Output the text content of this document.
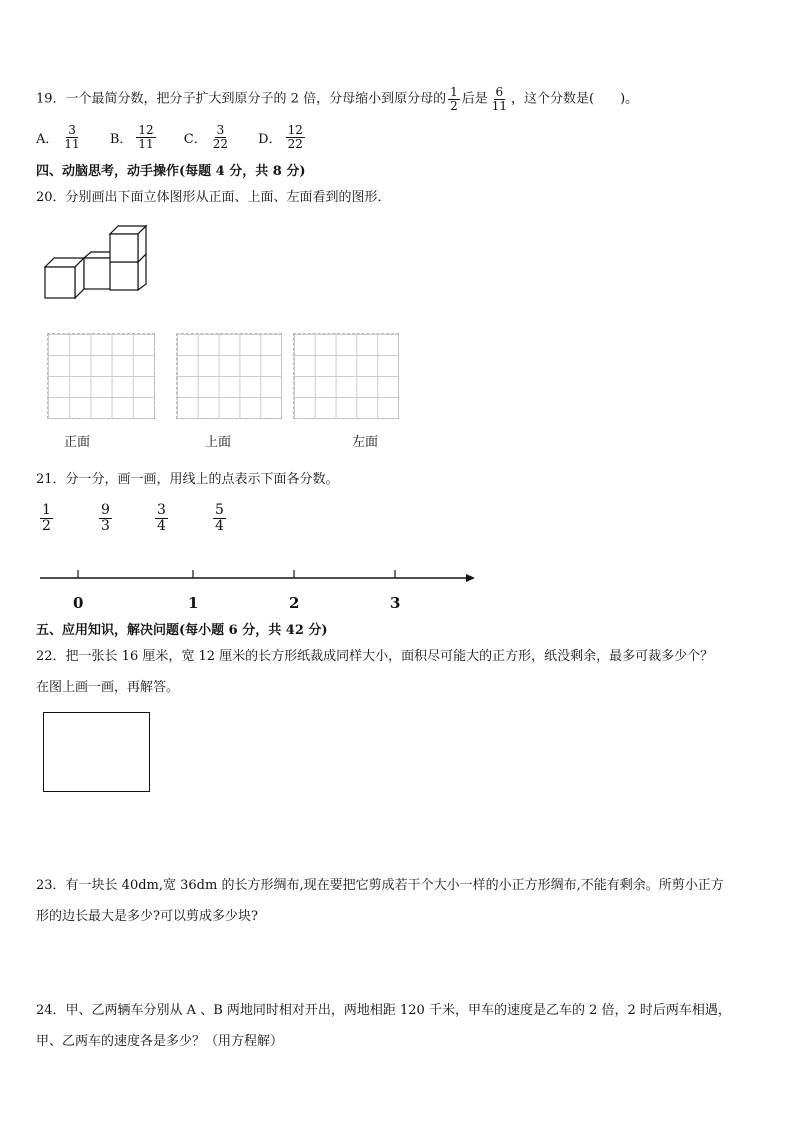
19．一个最简分数，把分子扩大到原分子的 2 倍，分母缩小到原分母的 $\frac{1}{2}$ 后是 $\frac{6}{11}$ ，这个分数是(　　)。
A． $\frac{3}{11}$
B． $\frac{12}{11}$
C． $\frac{3}{22}$
D． $\frac{12}{22}$
四、动脑思考，动手操作(每题 4 分，共 8 分)
20．分别画出下面立体图形从正面、上面、左面看到的图形．
正面	上面	左面
21．分一分，画一画，用线上的点表示下面各分数。
$\frac{1}{2}$	$\frac{9}{3}$	$\frac{3}{4}$	$\frac{5}{4}$
0	1	2	3
五、应用知识，解决问题(每小题 6 分，共 42 分)
22．把一张长 16 厘米，宽 12 厘米的长方形纸裁成同样大小，面积尽可能大的正方形，纸没剩余，最多可裁多少个？
在图上画一画，再解答。
23．有一块长 40dm,宽 36dm 的长方形绸布,现在要把它剪成若干个大小一样的小正方形绸布,不能有剩余。所剪小正方
形的边长最大是多少?可以剪成多少块?
24．甲、乙两辆车分别从 A 、B 两地同时相对开出，两地相距 120 千米，甲车的速度是乙车的 2 倍，2 时后两车相遇，
甲、乙两车的速度各是多少？（用方程解）
